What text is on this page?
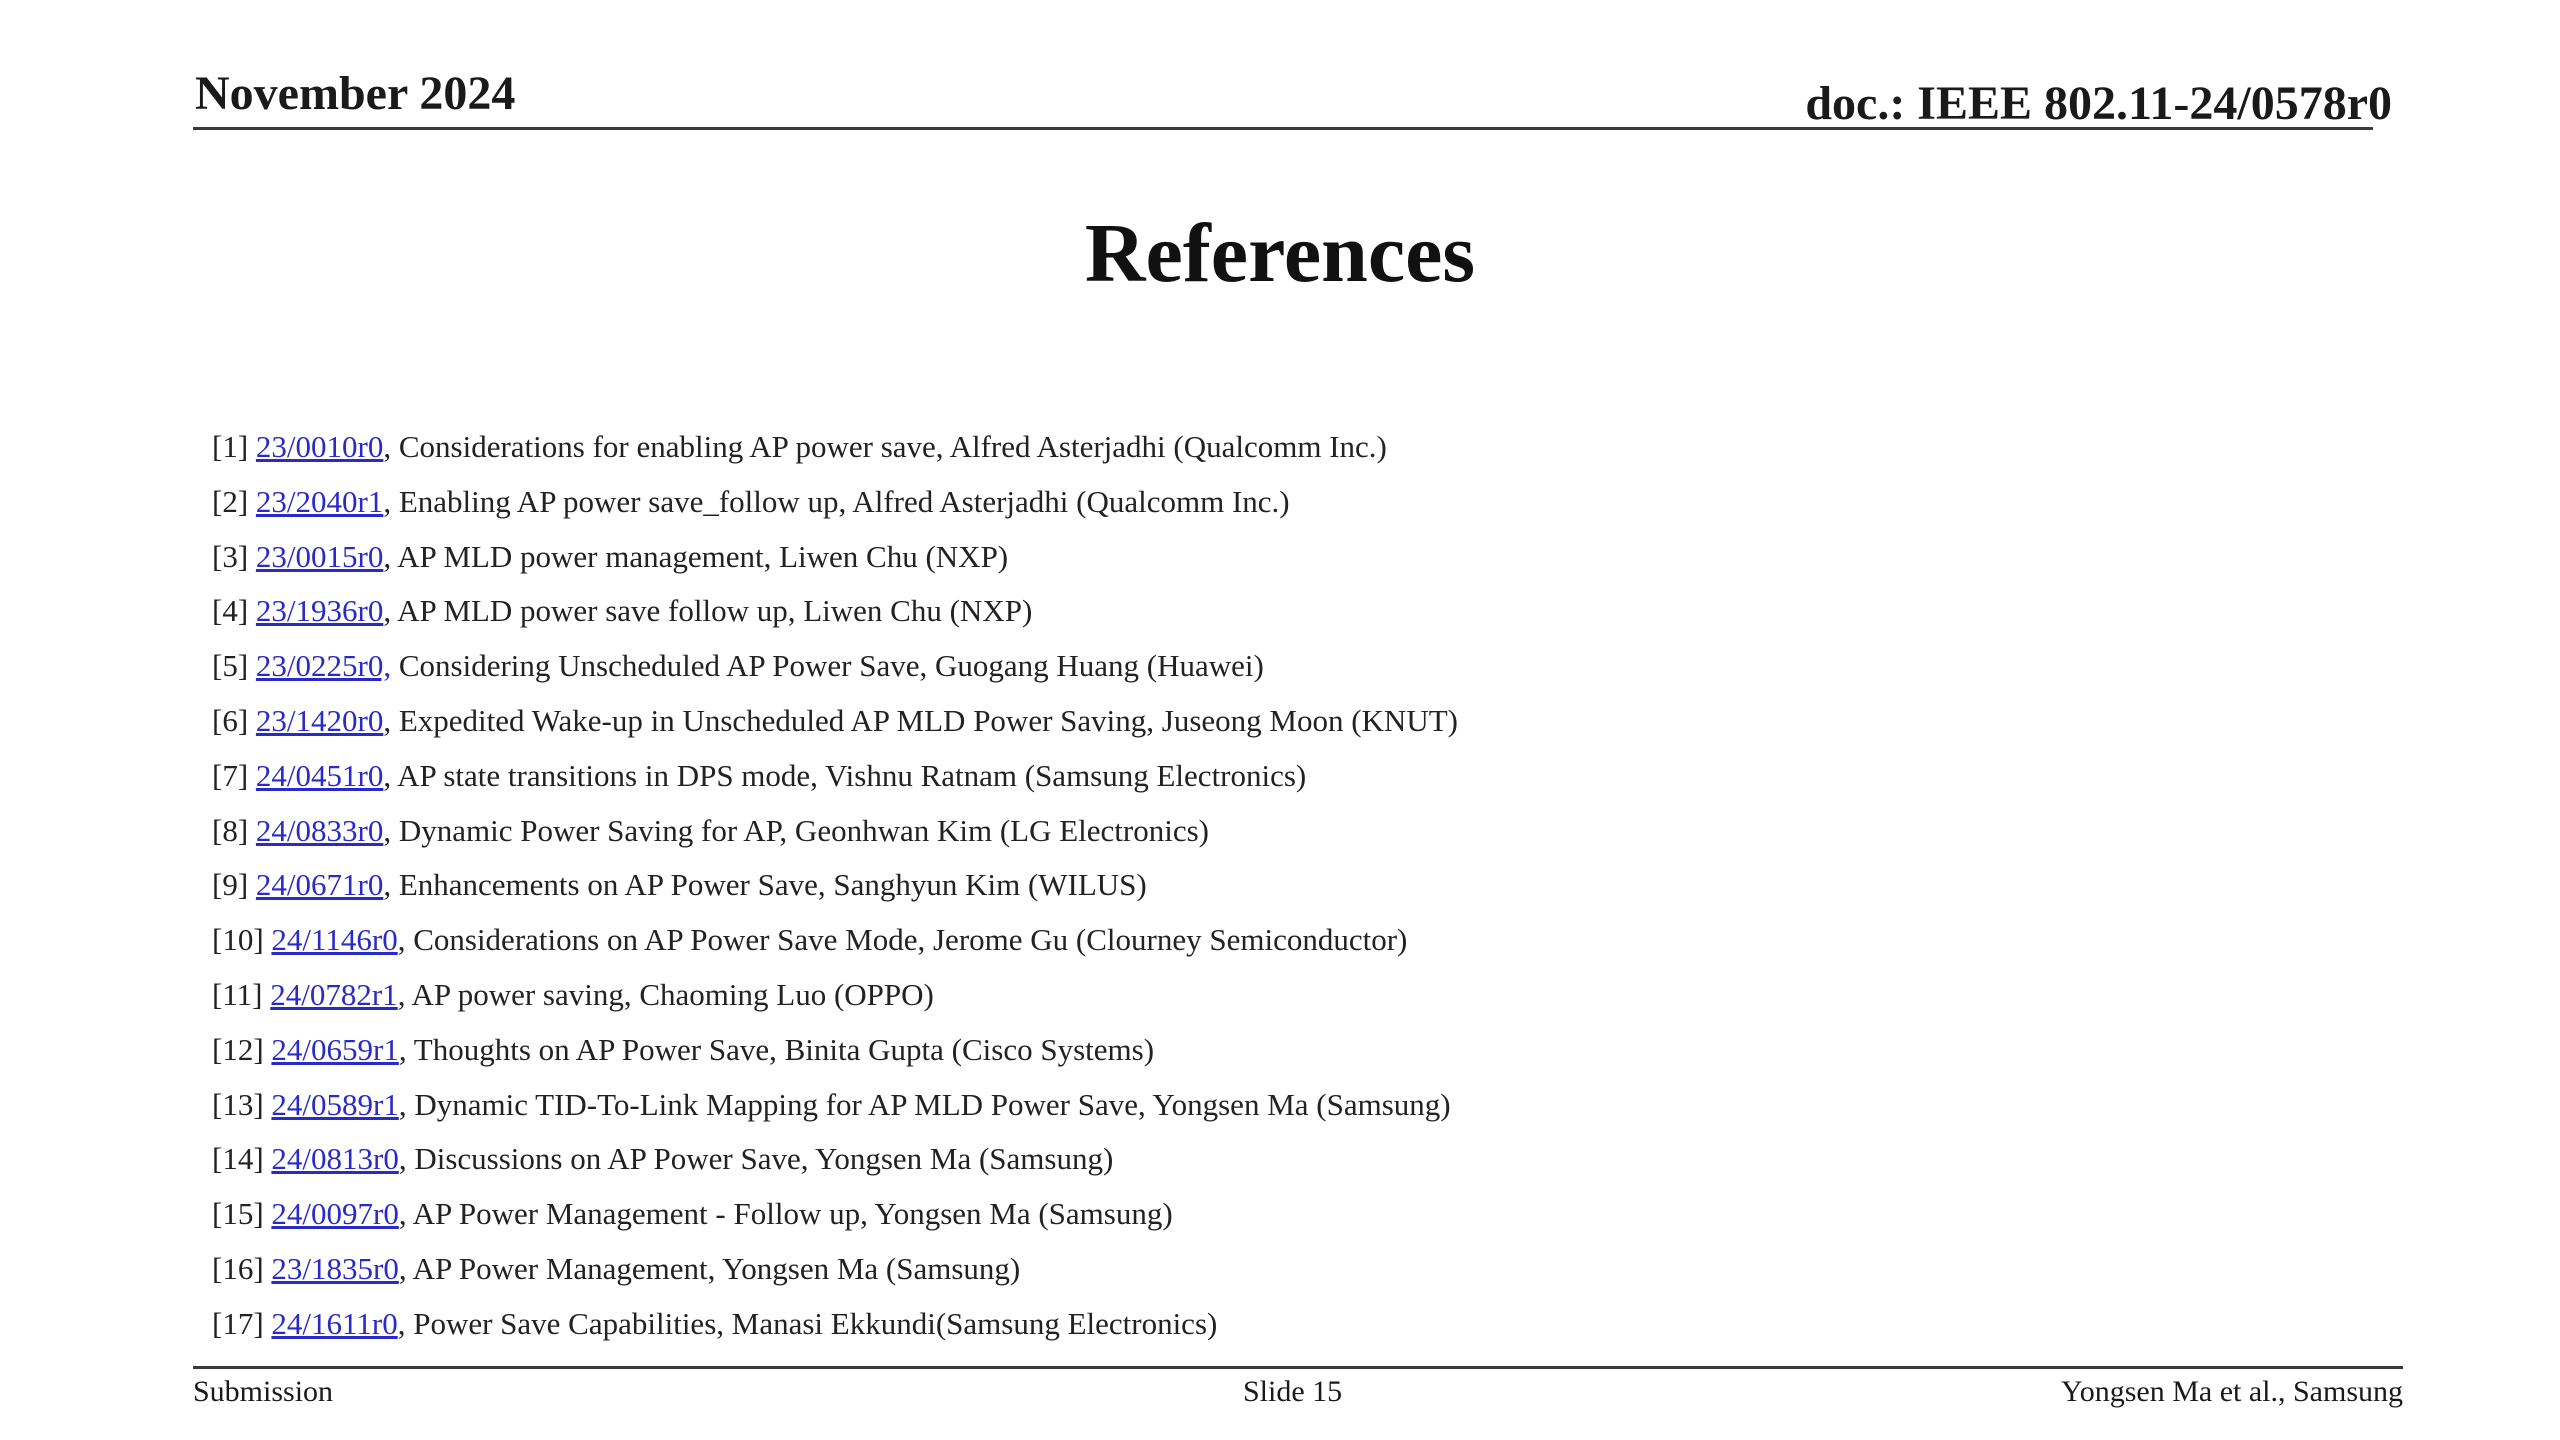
November 2024	doc.: IEEE 802.11-24/0578r0
References
[1] 23/0010r0, Considerations for enabling AP power save, Alfred Asterjadhi (Qualcomm Inc.)
[2] 23/2040r1, Enabling AP power save_follow up, Alfred Asterjadhi (Qualcomm Inc.)
[3] 23/0015r0, AP MLD power management, Liwen Chu (NXP)
[4] 23/1936r0, AP MLD power save follow up, Liwen Chu (NXP)
[5] 23/0225r0, Considering Unscheduled AP Power Save, Guogang Huang (Huawei)
[6] 23/1420r0, Expedited Wake-up in Unscheduled AP MLD Power Saving, Juseong Moon (KNUT)
[7] 24/0451r0, AP state transitions in DPS mode, Vishnu Ratnam (Samsung Electronics)
[8] 24/0833r0, Dynamic Power Saving for AP, Geonhwan Kim (LG Electronics)
[9] 24/0671r0, Enhancements on AP Power Save, Sanghyun Kim (WILUS)
[10] 24/1146r0, Considerations on AP Power Save Mode, Jerome Gu (Clourney Semiconductor)
[11] 24/0782r1, AP power saving, Chaoming Luo (OPPO)
[12] 24/0659r1, Thoughts on AP Power Save, Binita Gupta (Cisco Systems)
[13] 24/0589r1, Dynamic TID-To-Link Mapping for AP MLD Power Save, Yongsen Ma (Samsung)
[14] 24/0813r0, Discussions on AP Power Save, Yongsen Ma (Samsung)
[15] 24/0097r0, AP Power Management - Follow up, Yongsen Ma (Samsung)
[16] 23/1835r0, AP Power Management, Yongsen Ma (Samsung)
[17] 24/1611r0, Power Save Capabilities, Manasi Ekkundi(Samsung Electronics)
Submission	Slide 15	Yongsen Ma et al., Samsung
